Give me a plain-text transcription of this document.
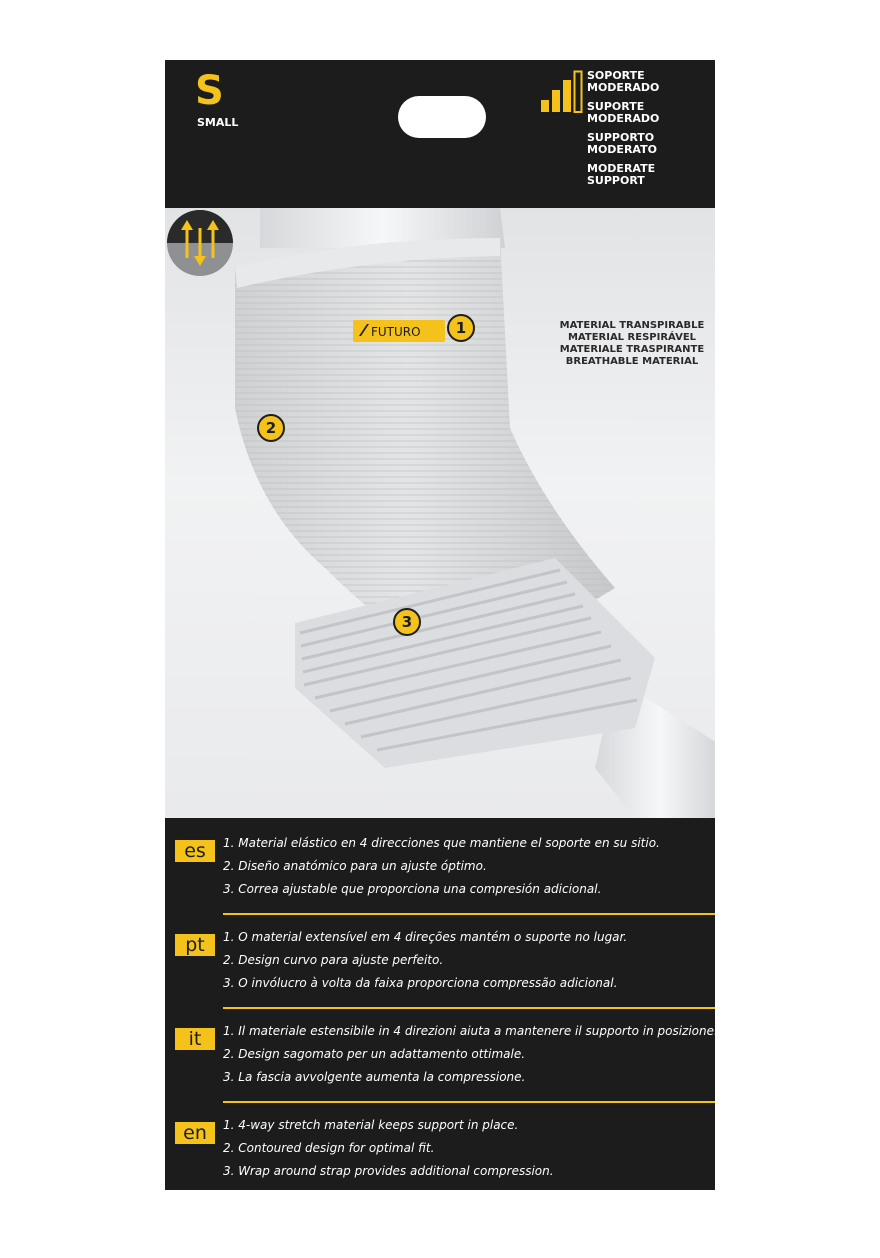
S
SMALL
SOPORTE
MODERADO
SUPORTE
MODERADO
SUPPORTO
MODERATO
MODERATE
SUPPORT
FUTURO	MATERIAL TRANSPIRABLE
MATERIAL RESPIRÁVEL
MATERIALE TRASPIRANTE
BREATHABLE MATERIAL
1
2
3
es	1. Material elástico en 4 direcciones que mantiene el soporte en su sitio.
2. Diseño anatómico para un ajuste óptimo.
3. Correa ajustable que proporciona una compresión adicional.
pt	1. O material extensível em 4 direções mantém o suporte no lugar.
2. Design curvo para ajuste perfeito.
3. O invólucro à volta da faixa proporciona compressão adicional.
it	1. Il materiale estensibile in 4 direzioni aiuta a mantenere il supporto in posizione.
2. Design sagomato per un adattamento ottimale.
3. La fascia avvolgente aumenta la compressione.
en	1. 4-way stretch material keeps support in place.
2. Contoured design for optimal fit.
3. Wrap around strap provides additional compression.
